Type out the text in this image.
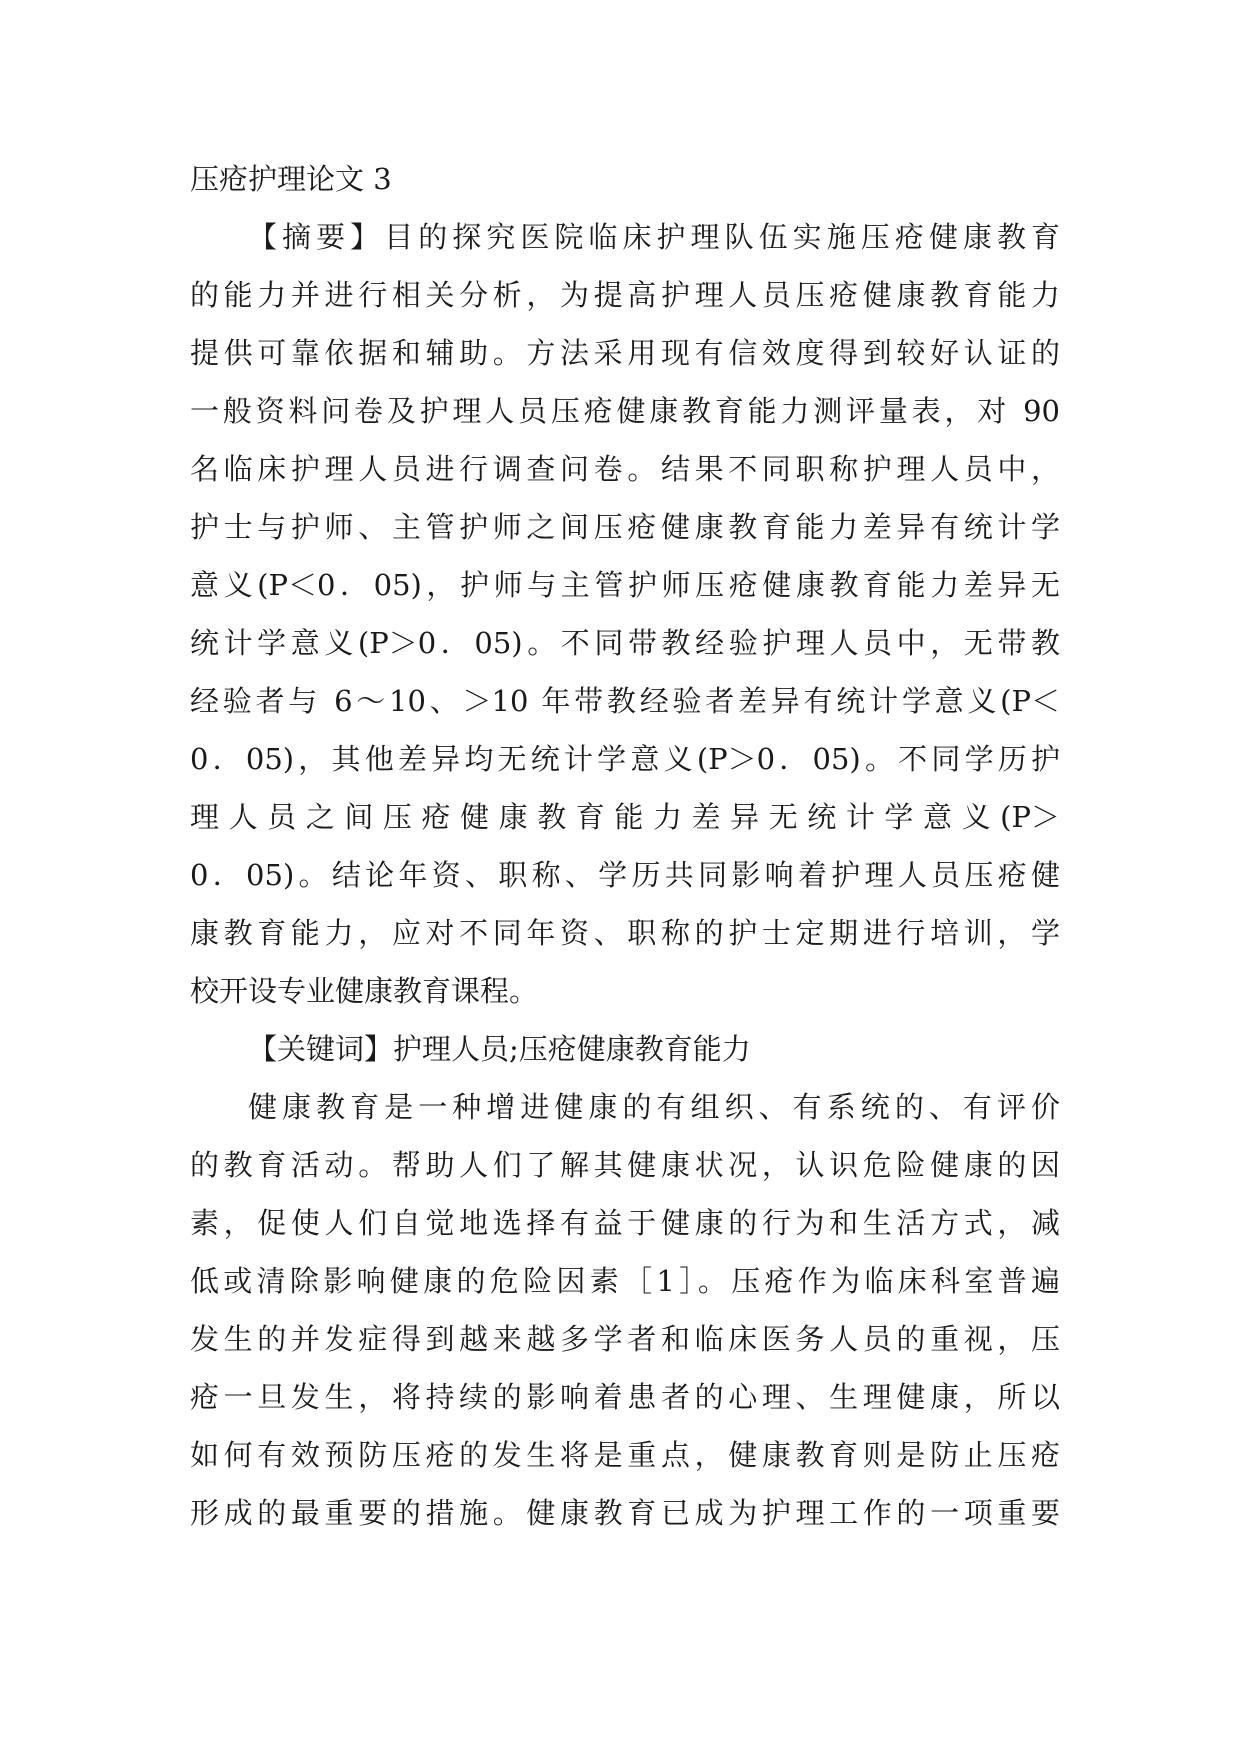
压疮护理论文 3
【摘要】目的探究医院临床护理队伍实施压疮健康教育
的能力并进行相关分析，为提高护理人员压疮健康教育能力
提供可靠依据和辅助。方法采用现有信效度得到较好认证的
一般资料问卷及护理人员压疮健康教育能力测评量表，对 90
名临床护理人员进行调查问卷。结果不同职称护理人员中，
护士与护师、主管护师之间压疮健康教育能力差异有统计学
意义(P＜0．05)，护师与主管护师压疮健康教育能力差异无
统计学意义(P＞0．05)。不同带教经验护理人员中，无带教
经验者与 6～10、＞10 年带教经验者差异有统计学意义(P＜
0．05)，其他差异均无统计学意义(P＞0．05)。不同学历护
理人员之间压疮健康教育能力差异无统计学意义(P＞
0．05)。结论年资、职称、学历共同影响着护理人员压疮健
康教育能力，应对不同年资、职称的护士定期进行培训，学
校开设专业健康教育课程。
【关键词】护理人员;压疮健康教育能力
健康教育是一种增进健康的有组织、有系统的、有评价
的教育活动。帮助人们了解其健康状况，认识危险健康的因
素，促使人们自觉地选择有益于健康的行为和生活方式，减
低或清除影响健康的危险因素［1］。压疮作为临床科室普遍
发生的并发症得到越来越多学者和临床医务人员的重视，压
疮一旦发生，将持续的影响着患者的心理、生理健康，所以
如何有效预防压疮的发生将是重点，健康教育则是防止压疮
形成的最重要的措施。健康教育已成为护理工作的一项重要
